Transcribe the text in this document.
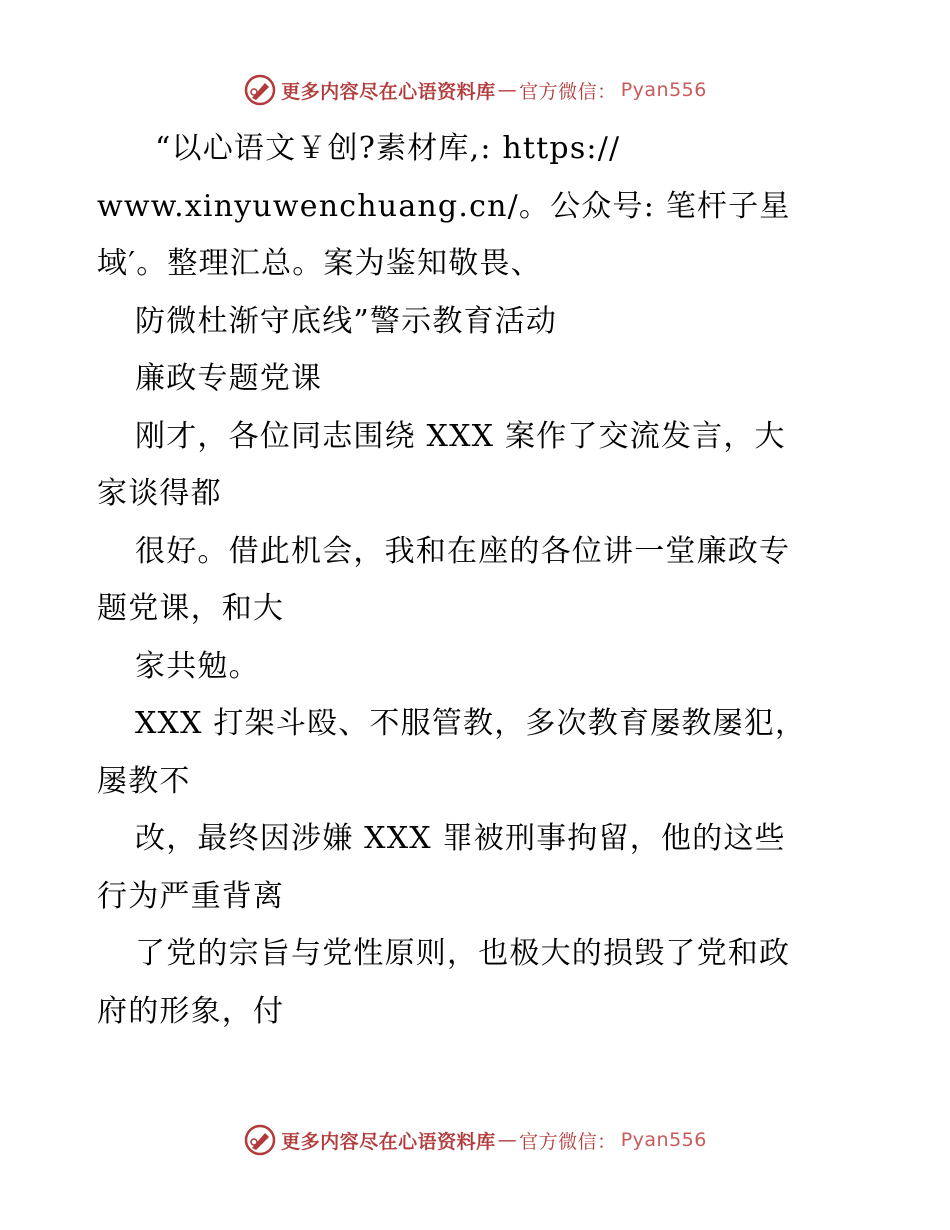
更多内容尽在心语资料库 — 官方微信： Pyan556
“以心语文￥创?素材库,: https://
www.xinyuwenchuang.cn/。公众号: 笔杆子星
域′。整理汇总。案为鉴知敬畏、
防微杜渐守底线”警示教育活动
廉政专题党课
刚才，各位同志围绕 XXX 案作了交流发言，大
家谈得都
很好。借此机会，我和在座的各位讲一堂廉政专
题党课，和大
家共勉。
XXX 打架斗殴、不服管教，多次教育屡教屡犯，
屡教不
改，最终因涉嫌 XXX 罪被刑事拘留，他的这些
行为严重背离
了党的宗旨与党性原则，也极大的损毁了党和政
府的形象，付
更多内容尽在心语资料库 — 官方微信： Pyan556
